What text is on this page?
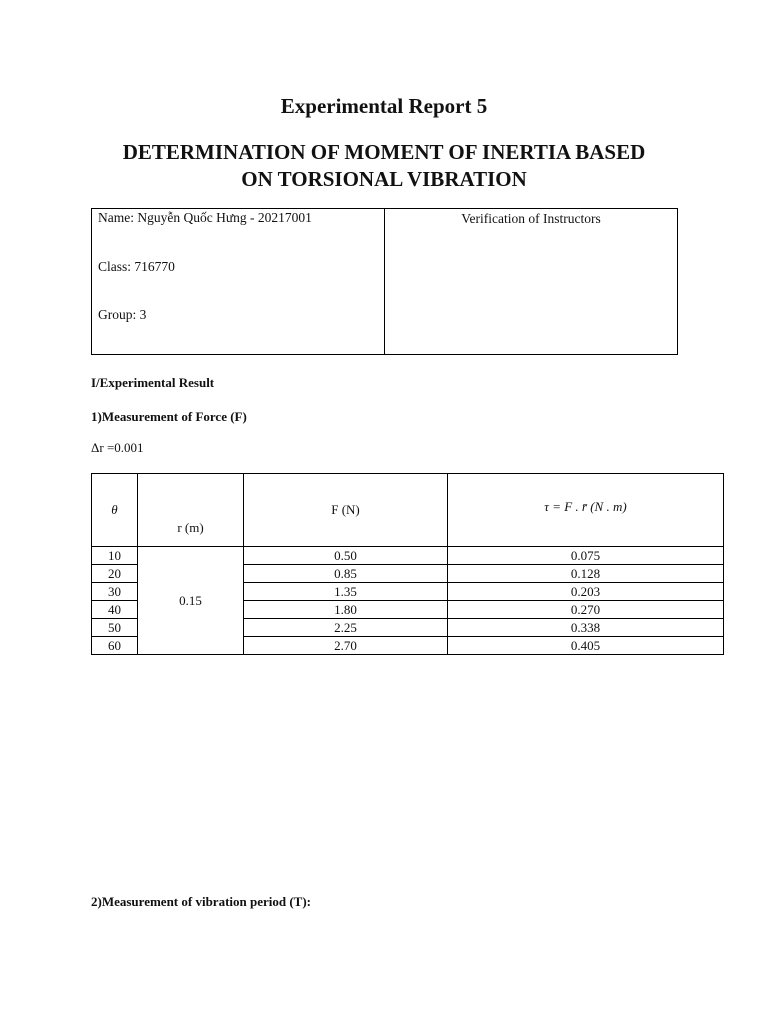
Experimental Report 5
DETERMINATION OF MOMENT OF INERTIA BASED
ON TORSIONAL VIBRATION
Name: Nguyễn Quốc Hưng - 20217001
Class: 716770
Group: 3
Verification of Instructors
I/Experimental Result
1)Measurement of Force (F)
Δr =0.001
θ	r (m)	F (N)	τ = F . r̄ (N . m)
10	0.15	0.50	0.075
20		0.85	0.128
30		1.35	0.203
40		1.80	0.270
50		2.25	0.338
60		2.70	0.405
2)Measurement of vibration period (T):
